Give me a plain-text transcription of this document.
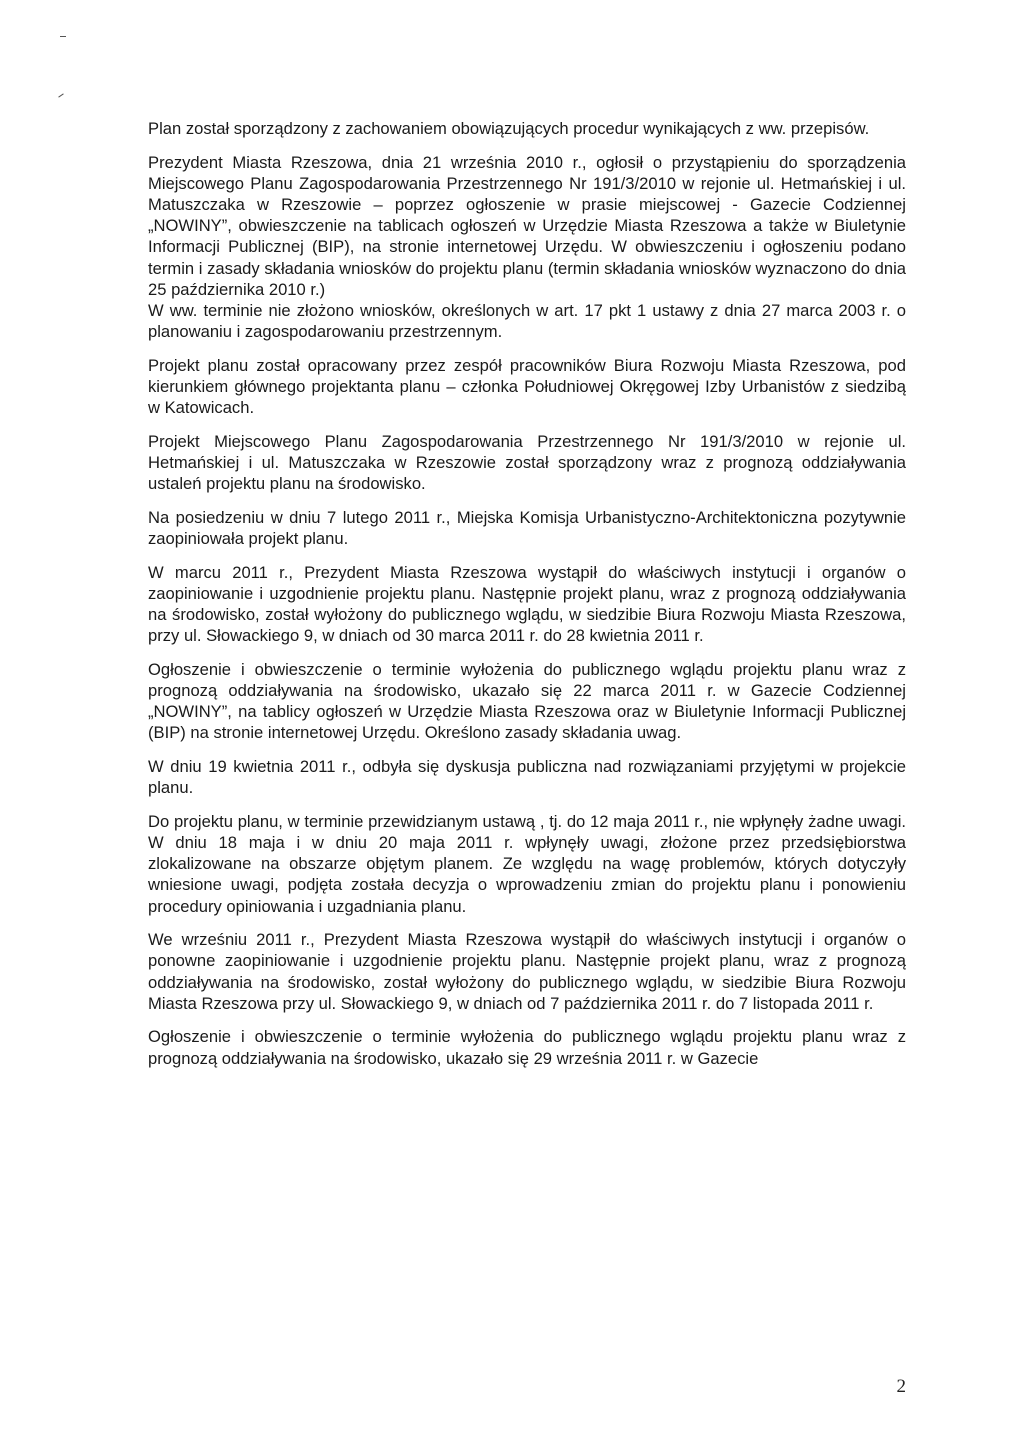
Plan został sporządzony z zachowaniem obowiązujących procedur wynikających z ww. przepisów.

Prezydent Miasta Rzeszowa, dnia 21 września 2010 r., ogłosił o przystąpieniu do sporządzenia Miejscowego Planu Zagospodarowania Przestrzennego Nr 191/3/2010 w rejonie ul. Hetmańskiej i ul. Matuszczaka w Rzeszowie – poprzez ogłoszenie w prasie miejscowej - Gazecie Codziennej „NOWINY”, obwieszczenie na tablicach ogłoszeń w Urzędzie Miasta Rzeszowa a także w Biuletynie Informacji Publicznej (BIP), na stronie internetowej Urzędu. W obwieszczeniu i ogłoszeniu podano termin i zasady składania wniosków do projektu planu (termin składania wniosków wyznaczono do dnia 25 października 2010 r.)

W ww. terminie nie złożono wniosków, określonych w art. 17 pkt 1 ustawy z dnia 27 marca 2003 r. o planowaniu i zagospodarowaniu przestrzennym.

Projekt planu został opracowany przez zespół pracowników Biura Rozwoju Miasta Rzeszowa, pod kierunkiem głównego projektanta planu – członka Południowej Okręgowej Izby Urbanistów z siedzibą w Katowicach.

Projekt Miejscowego Planu Zagospodarowania Przestrzennego Nr 191/3/2010 w rejonie ul. Hetmańskiej i ul. Matuszczaka w Rzeszowie został sporządzony wraz z prognozą oddziaływania ustaleń projektu planu na środowisko.

Na posiedzeniu w dniu 7 lutego 2011 r., Miejska Komisja Urbanistyczno-Architektoniczna pozytywnie zaopiniowała projekt planu.

W marcu 2011 r., Prezydent Miasta Rzeszowa wystąpił do właściwych instytucji i organów o zaopiniowanie i uzgodnienie projektu planu. Następnie projekt planu, wraz z prognozą oddziaływania na środowisko, został wyłożony do publicznego wglądu, w siedzibie Biura Rozwoju Miasta Rzeszowa, przy ul. Słowackiego 9, w dniach od 30 marca 2011 r. do 28 kwietnia 2011 r.

Ogłoszenie i obwieszczenie o terminie wyłożenia do publicznego wglądu projektu planu wraz z prognozą oddziaływania na środowisko, ukazało się 22 marca 2011 r. w Gazecie Codziennej „NOWINY”, na tablicy ogłoszeń w Urzędzie Miasta Rzeszowa oraz w Biuletynie Informacji Publicznej (BIP) na stronie internetowej Urzędu. Określono zasady składania uwag.

W dniu 19 kwietnia 2011 r., odbyła się dyskusja publiczna nad rozwiązaniami przyjętymi w projekcie planu.

Do projektu planu, w terminie przewidzianym ustawą , tj. do 12 maja 2011 r., nie wpłynęły żadne uwagi. W dniu 18 maja i w dniu 20 maja 2011 r. wpłynęły uwagi, złożone przez przedsiębiorstwa zlokalizowane na obszarze objętym planem. Ze względu na wagę problemów, których dotyczyły wniesione uwagi, podjęta została decyzja o wprowadzeniu zmian do projektu planu i ponowieniu procedury opiniowania i uzgadniania planu.

We wrześniu 2011 r., Prezydent Miasta Rzeszowa wystąpił do właściwych instytucji i organów o ponowne zaopiniowanie i uzgodnienie projektu planu. Następnie projekt planu, wraz z prognozą oddziaływania na środowisko, został wyłożony do publicznego wglądu, w siedzibie Biura Rozwoju Miasta Rzeszowa przy ul. Słowackiego 9, w dniach od 7 października 2011 r. do 7 listopada 2011 r.

Ogłoszenie i obwieszczenie o terminie wyłożenia do publicznego wglądu projektu planu wraz z prognozą oddziaływania na środowisko, ukazało się 29 września 2011 r. w Gazecie

2
